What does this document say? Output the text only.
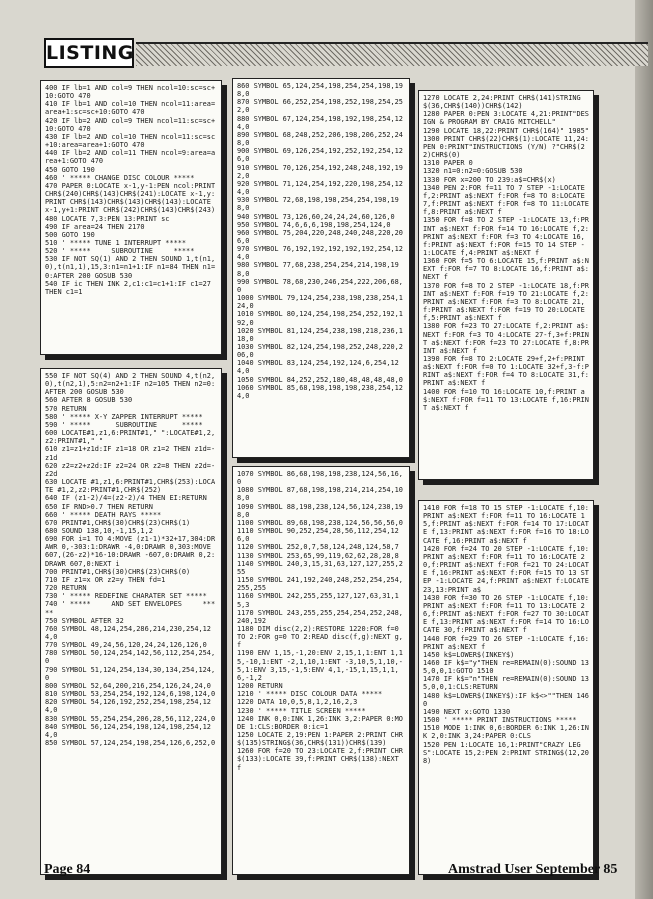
LISTING
400 IF lb=1 AND col=9 THEN ncol=10:sc=sc+10:GOTO 470
410 IF lb=1 AND col=10 THEN ncol=11:area=area+1:sc=sc+10:GOTO 470
420 IF lb=2 AND col=9 THEN ncol=11:sc=sc+10:GOTO 470
430 IF lb=2 AND col=10 THEN ncol=11:sc=sc+10:area=area+1:GOTO 470
440 IF lb=2 AND col=11 THEN ncol=9:area=area+1:GOTO 470
450 GOTO 190
460 ' ***** CHANGE DISC COLOUR *****
470 PAPER 0:LOCATE x-1,y-1:PEN ncol:PRINT CHR$(240)CHR$(143)CHR$(241):LOCATE x-1,y:PRINT CHR$(143)CHR$(143)CHR$(143):LOCATE x-1,y+1:PRINT CHR$(242)CHR$(143)CHR$(243)
480 LOCATE 7,3:PEN 13:PRINT sc
490 IF area=24 THEN 2170
500 GOTO 190
510 ' ***** TUNE 1 INTERRUPT *****
520 ' *****     SUBROUTINE     *****
530 IF NOT SQ(1) AND 2 THEN SOUND 1,t(n1,0),t(n1,1),15,3:n1=n1+1:IF n1=84 THEN n1=0:AFTER 200 GOSUB 530
540 IF ic THEN INK 2,c1:c1=c1+1:IF c1=27 THEN c1=1
550 IF NOT SQ(4) AND 2 THEN SOUND 4,t(n2,0),t(n2,1),5:n2=n2+1:IF n2=105 THEN n2=0:AFTER 200 GOSUB 530
560 AFTER 8 GOSUB 530
570 RETURN
580 ' ***** X-Y ZAPPER INTERRUPT *****
590 ' *****      SUBROUTINE      *****
600 LOCATE#1,z1,6:PRINT#1," ":LOCATE#1,2,z2:PRINT#1," "
610 z1=z1+z1d:IF z1=18 OR z1=2 THEN z1d=-z1d
620 z2=z2+z2d:IF z2=24 OR z2=8 THEN z2d=-z2d
630 LOCATE #1,z1,6:PRINT#1,CHR$(253):LOCATE #1,2,z2:PRINT#1,CHR$(252)
640 IF (z1-2)/4=(z2-2)/4 THEN EI:RETURN
650 IF RND>0.7 THEN RETURN
660 ' ***** DEATH RAYS *****
670 PRINT#1,CHR$(30)CHR$(23)CHR$(1)
680 SOUND 138,10,-1,15,1,2
690 FOR i=1 TO 4:MOVE (z1-1)*32+17,304:DRAWR 0,-303:1:DRAWR -4,0:DRAWR 0,303:MOVE 607,(26-z2)*16-10:DRAWR -607,0:DRAWR 0,2:DRAWR 607,0:NEXT i
700 PRINT#1,CHR$(30)CHR$(23)CHR$(0)
710 IF z1=x OR z2=y THEN fd=1
720 RETURN
730 ' ***** REDEFINE CHARATER SET *****
740 ' *****     AND SET ENVELOPES     *****
750 SYMBOL AFTER 32
760 SYMBOL 48,124,254,286,214,230,254,124,0
770 SYMBOL 49,24,56,120,24,24,126,126,0
780 SYMBOL 50,124,254,142,56,112,254,254,0
790 SYMBOL 51,124,254,134,30,134,254,124,0
800 SYMBOL 52,64,200,216,254,126,24,24,0
810 SYMBOL 53,254,254,192,124,6,198,124,0
820 SYMBOL 54,126,192,252,254,198,254,124,0
830 SYMBOL 55,254,254,206,28,56,112,224,0
840 SYMBOL 56,124,254,198,124,198,254,124,0
850 SYMBOL 57,124,254,198,254,126,6,252,0
860 SYMBOL 65,124,254,198,254,254,198,198,0
870 SYMBOL 66,252,254,198,252,198,254,252,0
880 SYMBOL 67,124,254,198,192,198,254,124,0
890 SYMBOL 68,248,252,206,198,206,252,248,0
900 SYMBOL 69,126,254,192,252,192,254,126,0
910 SYMBOL 70,126,254,192,248,248,192,192,0
920 SYMBOL 71,124,254,192,220,198,254,124,0
930 SYMBOL 72,68,198,198,254,254,198,198,0
940 SYMBOL 73,126,60,24,24,24,60,126,0
950 SYMBOL 74,6,6,6,198,198,254,124,0
960 SYMBOL 75,204,220,248,240,248,220,206,0
970 SYMBOL 76,192,192,192,192,192,254,124,0
980 SYMBOL 77,68,238,254,254,214,198,198,0
990 SYMBOL 78,68,230,246,254,222,206,68,0
1000 SYMBOL 79,124,254,238,198,238,254,124,0
1010 SYMBOL 80,124,254,198,254,252,192,192,0
1020 SYMBOL 81,124,254,238,198,218,236,118,0
1030 SYMBOL 82,124,254,198,252,248,220,206,0
1040 SYMBOL 83,124,254,192,124,6,254,124,0
1050 SYMBOL 84,252,252,180,48,48,48,48,0
1060 SYMBOL 85,68,198,198,198,238,254,124,0
1070 SYMBOL 86,68,198,198,238,124,56,16,0
1080 SYMBOL 87,68,198,198,214,214,254,108,0
1090 SYMBOL 88,198,238,124,56,124,238,198,0
1100 SYMBOL 89,68,198,238,124,56,56,56,0
1110 SYMBOL 90,252,254,28,56,112,254,126,0
1120 SYMBOL 252,0,7,58,124,248,124,58,7
1130 SYMBOL 253,65,99,119,62,62,28,28,8
1140 SYMBOL 240,3,15,31,63,127,127,255,255
1150 SYMBOL 241,192,240,248,252,254,254,255,255
1160 SYMBOL 242,255,255,127,127,63,31,15,3
1170 SYMBOL 243,255,255,254,254,252,248,240,192
1180 DIM disc(2,2):RESTORE 1220:FOR f=0 TO 2:FOR g=0 TO 2:READ disc(f,g):NEXT g,f
1190 ENV 1,15,-1,20:ENV 2,15,1,1:ENT 1,15,-10,1:ENT -2,1,10,1:ENT -3,10,5,1,10,-5,1:ENV 3,15,-1,5:ENV 4,1,-15,1,15,1,1,6,-1,2
1200 RETURN
1210 ' ***** DISC COLOUR DATA *****
1220 DATA 10,0,5,8,1,2,16,2,3
1230 ' ***** TITLE SCREEN *****
1240 INK 0,0:INK 1,26:INK 3,2:PAPER 0:MODE 1:CLS:BORDER 0:ic=1
1250 LOCATE 2,19:PEN 1:PAPER 2:PRINT CHR$(135)STRING$(36,CHR$(131))CHR$(139)
1260 FOR f=20 TO 23:LOCATE 2,f:PRINT CHR$(133):LOCATE 39,f:PRINT CHR$(138):NEXT f
1270 LOCATE 2,24:PRINT CHR$(141)STRING$(36,CHR$(140))CHR$(142)
1280 PAPER 0:PEN 3:LOCATE 4,21:PRINT"DESIGN & PROGRAM BY CRAIG MITCHELL"
1290 LOCATE 18,22:PRINT CHR$(164)" 1985"
1300 PRINT CHR$(22)CHR$(1):LOCATE 11,24:PEN 0:PRINT"INSTRUCTIONS (Y/N) ?"CHR$(22)CHR$(0)
1310 PAPER 0
1320 n1=0:n2=0:GOSUB 530
1330 FOR x=200 TO 239:a$=CHR$(x)
1340 PEN 2:FOR f=11 TO 7 STEP -1:LOCATE f,2:PRINT a$:NEXT f:FOR f=8 TO 8:LOCATE 7,f:PRINT a$:NEXT f:FOR f=8 TO 11:LOCATE f,8:PRINT a$:NEXT f
1350 FOR f=8 TO 2 STEP -1:LOCATE 13,f:PRINT a$:NEXT f:FOR f=14 TO 16:LOCATE f,2:PRINT a$:NEXT f:FOR f=3 TO 4:LOCATE 16,f:PRINT a$:NEXT f:FOR f=15 TO 14 STEP -1:LOCATE f,4:PRINT a$:NEXT f
1360 FOR f=5 TO 6:LOCATE 15,f:PRINT a$:NEXT f:FOR f=7 TO 8:LOCATE 16,f:PRINT a$:NEXT f
1370 FOR f=8 TO 2 STEP -1:LOCATE 18,f:PRINT a$:NEXT f:FOR f=19 TO 21:LOCATE f,2:PRINT a$:NEXT f:FOR f=3 TO 8:LOCATE 21,f:PRINT a$:NEXT f:FOR f=19 TO 20:LOCATE f,5:PRINT a$:NEXT f
1380 FOR f=23 TO 27:LOCATE f,2:PRINT a$:NEXT f:FOR f=3 TO 4:LOCATE 27-f,3+f:PRINT a$:NEXT f:FOR f=23 TO 27:LOCATE f,8:PRINT a$:NEXT f
1390 FOR f=8 TO 2:LOCATE 29+f,2+f:PRINT a$:NEXT f:FOR f=0 TO 1:LOCATE 32+f,3-f:PRINT a$:NEXT f:FOR f=4 TO 8:LOCATE 31,f:PRINT a$:NEXT f
1400 FOR f=10 TO 16:LOCATE 10,f:PRINT a$:NEXT f:FOR f=11 TO 13:LOCATE f,16:PRINT a$:NEXT f
1410 FOR f=18 TO 15 STEP -1:LOCATE f,10:PRINT a$:NEXT f:FOR f=11 TO 16:LOCATE 15,f:PRINT a$:NEXT f:FOR f=14 TO 17:LOCATE f,13:PRINT a$:NEXT f:FOR f=16 TO 18:LOCATE f,16:PRINT a$:NEXT f
1420 FOR f=24 TO 20 STEP -1:LOCATE f,10:PRINT a$:NEXT f:FOR f=11 TO 16:LOCATE 20,f:PRINT a$:NEXT f:FOR f=21 TO 24:LOCATE f,16:PRINT a$:NEXT f:FOR f=15 TO 13 STEP -1:LOCATE 24,f:PRINT a$:NEXT f:LOCATE 23,13:PRINT a$
1430 FOR f=30 TO 26 STEP -1:LOCATE f,10:PRINT a$:NEXT f:FOR f=11 TO 13:LOCATE 26,f:PRINT a$:NEXT f:FOR f=27 TO 30:LOCATE f,13:PRINT a$:NEXT f:FOR f=14 TO 16:LOCATE 30,f:PRINT a$:NEXT f
1440 FOR f=29 TO 26 STEP -1:LOCATE f,16:PRINT a$:NEXT f
1450 k$=LOWER$(INKEY$)
1460 IF k$="y"THEN re=REMAIN(0):SOUND 135,0,0,1:GOTO 1510
1470 IF k$="n"THEN re=REMAIN(0):SOUND 135,0,0,1:CLS:RETURN
1480 k$=LOWER$(INKEY$):IF k$<>""THEN 1460
1490 NEXT x:GOTO 1330
1500 ' ***** PRINT INSTRUCTIONS *****
1510 MODE 1:INK 0,6:BORDER 6:INK 1,26:INK 2,0:INK 3,24:PAPER 0:CLS
1520 PEN 1:LOCATE 16,1:PRINT"CRAZY LEGS":LOCATE 15,2:PEN 2:PRINT STRING$(12,208)
Page 84	Amstrad User September 85
